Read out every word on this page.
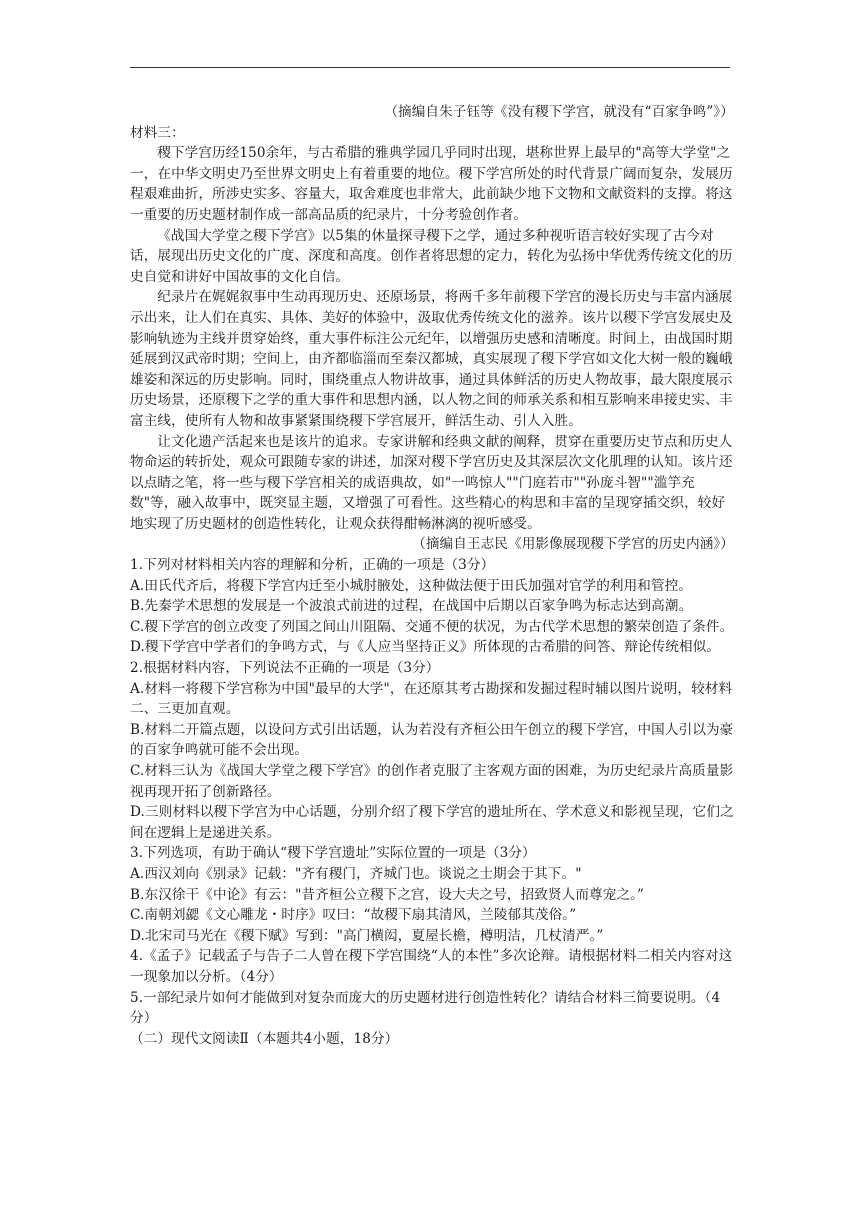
（摘编自朱子钰等《没有稷下学宫，就没有“百家争鸣”》）

材料三：

稷下学宫历经150余年，与古希腊的雅典学园几乎同时出现，堪称世界上最早的"高等大学堂"之一，在中华文明史乃至世界文明史上有着重要的地位。稷下学宫所处的时代背景广阔而复杂，发展历程艰难曲折，所涉史实多、容量大，取舍难度也非常大，此前缺少地下文物和文献资料的支撑。将这一重要的历史题材制作成一部高品质的纪录片，十分考验创作者。

《战国大学堂之稷下学宫》以5集的休量探寻稷下之学，通过多种视听语言较好实现了古今对话，展现出历史文化的广度、深度和高度。创作者将思想的定力，转化为弘扬中华优秀传统文化的历史自觉和讲好中国故事的文化自信。

纪录片在娓娓叙事中生动再现历史、还原场景，将两千多年前稷下学宫的漫长历史与丰富内涵展示出来，让人们在真实、具体、美好的体验中，汲取优秀传统文化的滋养。该片以稷下学宫发展史及影响轨迹为主线并贯穿始终，重大事件标注公元纪年，以增强历史感和清晰度。时间上，由战国时期延展到汉武帝时期；空间上，由齐都临淄而至秦汉都城，真实展现了稷下学宫如文化大树一般的巍峨雄姿和深远的历史影响。同时，围绕重点人物讲故事，通过具体鲜活的历史人物故事，最大限度展示历史场景，还原稷下之学的重大事件和思想内涵，以人物之间的师承关系和相互影响来串接史实、丰富主线，使所有人物和故事紧紧围绕稷下学宫展开，鲜活生动、引人入胜。

让文化遗产活起来也是该片的追求。专家讲解和经典文献的阐释，贯穿在重要历史节点和历史人物命运的转折处，观众可跟随专家的讲述，加深对稷下学宫历史及其深层次文化肌理的认知。该片还以点睛之笔，将一些与稷下学宫相关的成语典故，如"一鸣惊人""门庭若市""孙庞斗智""滥竽充数"等，融入故事中，既突显主题，又增强了可看性。这些精心的构思和丰富的呈现穿插交织，较好地实现了历史题材的创造性转化，让观众获得酣畅淋漓的视听感受。

（摘编自王志民《用影像展现稷下学宫的历史内涵》）

1.下列对材料相关内容的理解和分析，正确的一项是（3分）

A.田氏代齐后，将稷下学宫内迁至小城肘腋处，这种做法便于田氏加强对官学的利用和管控。

B.先秦学术思想的发展是一个波浪式前进的过程，在战国中后期以百家争鸣为标志达到高潮。

C.稷下学宫的创立改变了列国之间山川阻隔、交通不便的状况，为古代学术思想的繁荣创造了条件。

D.稷下学宫中学者们的争鸣方式，与《人应当坚持正义》所体现的古希腊的问答、辩论传统相似。

2.根据材料内容，下列说法不正确的一项是（3分）

A.材料一将稷下学宫称为中国"最早的大学"，在还原其考古勘探和发掘过程时辅以图片说明，较材料二、三更加直观。

B.材料二开篇点题，以设问方式引出话题，认为若没有齐桓公田午创立的稷下学宫，中国人引以为豪的百家争鸣就可能不会出现。

C.材料三认为《战国大学堂之稷下学宫》的创作者克服了主客观方面的困难，为历史纪录片高质量影视再现开拓了创新路径。

D.三则材料以稷下学宫为中心话题，分别介绍了稷下学宫的遗址所在、学术意义和影视呈现，它们之间在逻辑上是递进关系。

3.下列选项，有助于确认“稷下学宫遗址”实际位置的一项是（3分）

A.西汉刘向《别录》记载："齐有稷门，齐城门也。谈说之士期会于其下。"

B.东汉徐干《中论》有云："昔齐桓公立稷下之宫，设大夫之号，招致贤人而尊宠之。”

C.南朝刘勰《文心雕龙・时序》叹曰：“故稷下扇其清风，兰陵郁其茂俗。”

D.北宋司马光在《稷下赋》写到："高门横闳，夏屋长檐，樽明洁，几杖清严。”

4.《孟子》记载孟子与告子二人曾在稷下学宫围绕“人的本性”多次论辩。请根据材料二相关内容对这一现象加以分析。（4分）

5.一部纪录片如何才能做到对复杂而庞大的历史题材进行创造性转化？请结合材料三简要说明。（4分）

（二）现代文阅读Ⅱ（本题共4小题，18分）
